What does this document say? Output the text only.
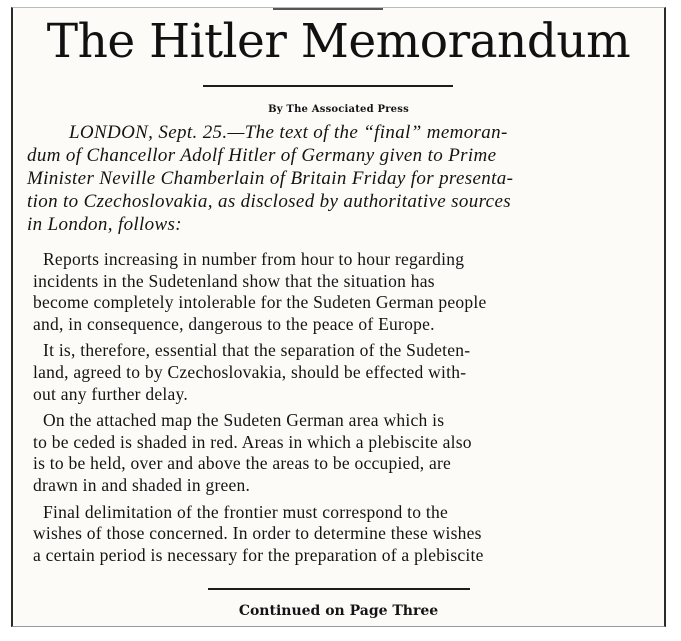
The Hitler Memorandum
By The Associated Press
LONDON, Sept. 25.—The text of the “final” memoran-
dum of Chancellor Adolf Hitler of Germany given to Prime
Minister Neville Chamberlain of Britain Friday for presenta-
tion to Czechoslovakia, as disclosed by authoritative sources
in London, follows:
Reports increasing in number from hour to hour regarding
incidents in the Sudetenland show that the situation has
become completely intolerable for the Sudeten German people
and, in consequence, dangerous to the peace of Europe.
It is, therefore, essential that the separation of the Sudeten-
land, agreed to by Czechoslovakia, should be effected with-
out any further delay.
On the attached map the Sudeten German area which is
to be ceded is shaded in red. Areas in which a plebiscite also
is to be held, over and above the areas to be occupied, are
drawn in and shaded in green.
Final delimitation of the frontier must correspond to the
wishes of those concerned. In order to determine these wishes
a certain period is necessary for the preparation of a plebiscite
Continued on Page Three
